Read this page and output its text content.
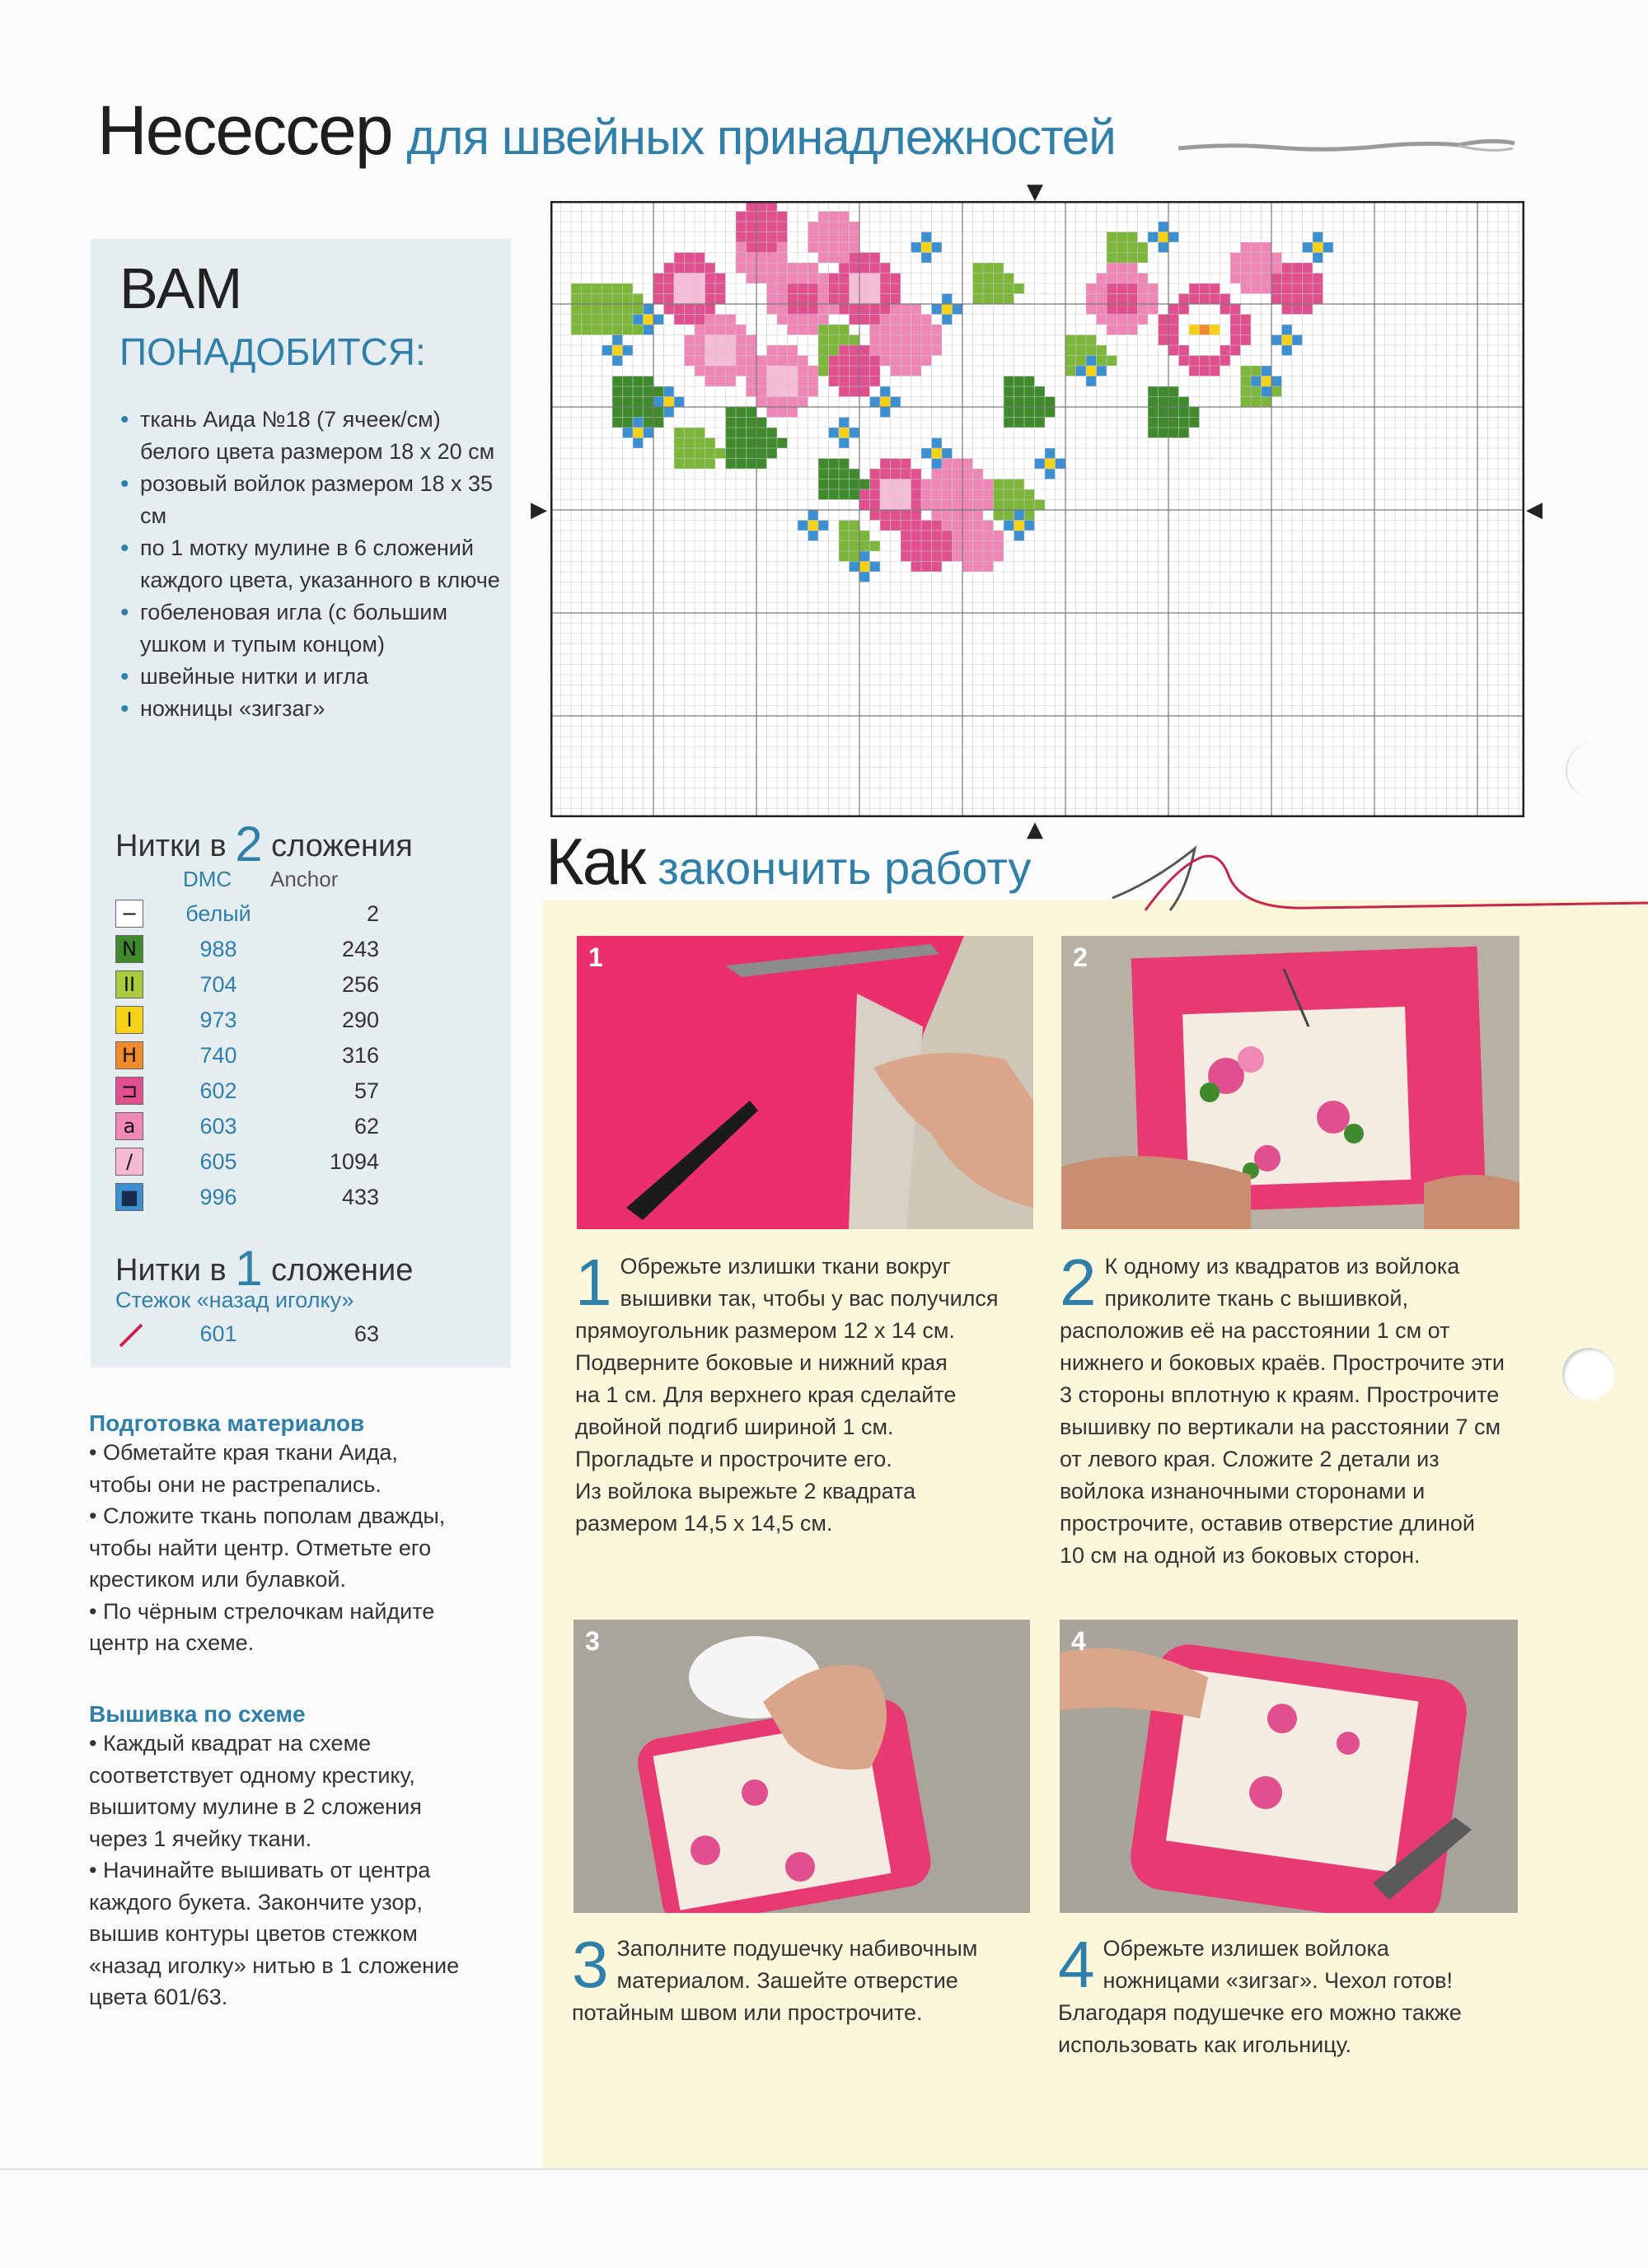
Несессер для швейных принадлежностей
ВАМ
ПОНАДОБИТСЯ:
• ткань Аида №18 (7 ячеек/см) белого цвета размером 18 x 20 см
• розовый войлок размером 18 x 35 см
• по 1 мотку мулине в 6 сложений каждого цвета, указанного в ключе
• гобеленовая игла (с большим ушком и тупым концом)
• швейные нитки и игла
• ножницы «зигзаг»
Нитки в 2 сложения
DMC Anchor
−	белый	2
N	988	243
II	704	256
I	973	290
H	740	316
⊐	602	57
a	603	62
/	605	1094
■	996	433
Нитки в 1 сложение
Стежок «назад иголку»
601	63
Подготовка материалов

• Обметайте края ткани Аида,

чтобы они не растрепались.

• Сложите ткань пополам дважды,

чтобы найти центр. Отметьте его

крестиком или булавкой.

• По чёрным стрелочкам найдите

центр на схеме.

Вышивка по схеме

• Каждый квадрат на схеме

соответствует одному крестику,

вышитому мулине в 2 сложения

через 1 ячейку ткани.

• Начинайте вышивать от центра

каждого букета. Закончите узор,

вышив контуры цветов стежком

«назад иголку» нитью в 1 сложение

цвета 601/63.

▼
▲
▶	◀
Как закончить работу
1	2
3	4
1 Обрежьте излишки ткани вокруг
вышивки так, чтобы у вас получился
прямоугольник размером 12 x 14 см.
Подверните боковые и нижний края
на 1 см. Для верхнего края сделайте
двойной подгиб шириной 1 см.
Прогладьте и прострочите его.
Из войлока вырежьте 2 квадрата
размером 14,5 x 14,5 см.
2 К одному из квадратов из войлока
приколите ткань с вышивкой,
расположив её на расстоянии 1 см от
нижнего и боковых краёв. Прострочите эти
3 стороны вплотную к краям. Прострочите
вышивку по вертикали на расстоянии 7 см
от левого края. Сложите 2 детали из
войлока изнаночными сторонами и
прострочите, оставив отверстие длиной
10 см на одной из боковых сторон.
3 Заполните подушечку набивочным
материалом. Зашейте отверстие
потайным швом или прострочите.
4 Обрежьте излишек войлока
ножницами «зигзаг». Чехол готов!
Благодаря подушечке его можно также
использовать как игольницу.
